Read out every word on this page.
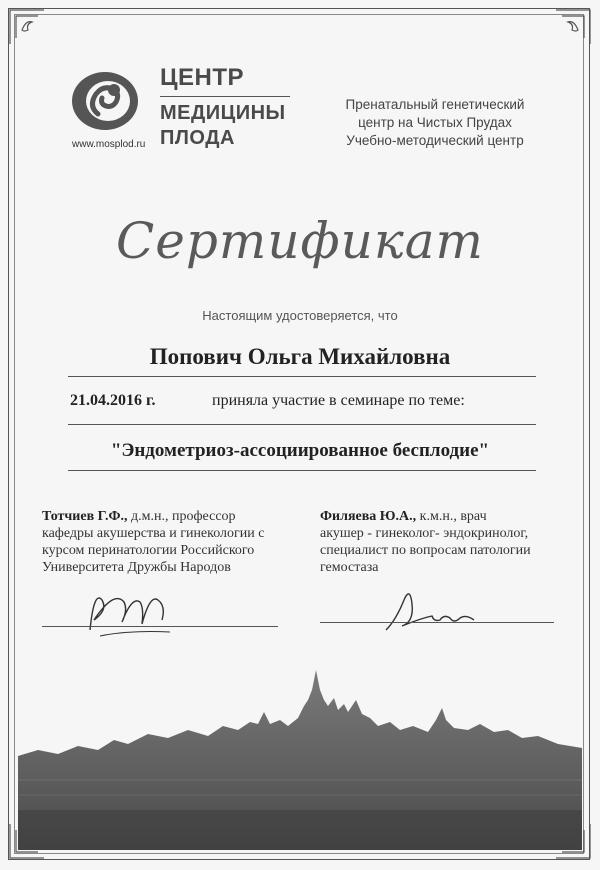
www.mosplod.ru
ЦЕНТР
МЕДИЦИНЫ
ПЛОДА
Пренатальный генетический
центр на Чистых Прудах
Учебно-методический центр
Сертификат
Настоящим удостоверяется, что
Попович Ольга Михайловна
21.04.2016 г.	приняла участие в семинаре по теме:
"Эндометриоз-ассоциированное бесплодие"
Тотчиев Г.Ф., д.м.н., профессор
кафедры акушерства и гинекологии с
курсом перинатологии Российского
Университета Дружбы Народов
Филяева Ю.А., к.м.н., врач
акушер - гинеколог- эндокринолог,
специалист по вопросам патологии
гемостаза
